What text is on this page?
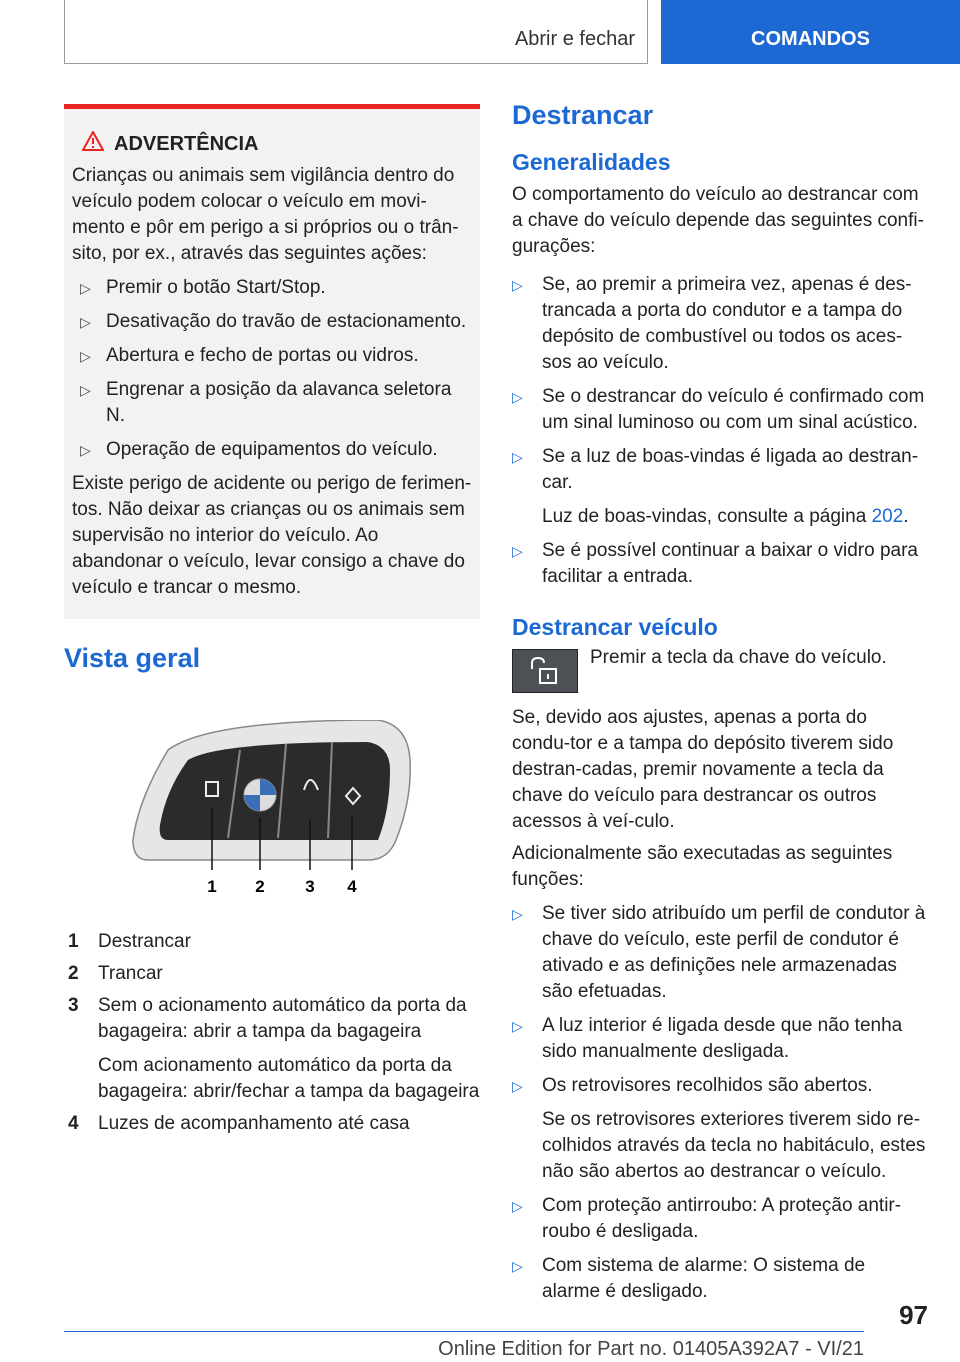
Abrir e fechar	COMANDOS
ADVERTÊNCIA

Crianças ou animais sem vigilância dentro do veículo podem colocar o veículo em movi-mento e pôr em perigo a si próprios ou o trân-sito, por ex., através das seguintes ações:

▷ Premir o botão Start/Stop.
▷ Desativação do travão de estacionamento.
▷ Abertura e fecho de portas ou vidros.
▷ Engrenar a posição da alavanca seletora N.
▷ Operação de equipamentos do veículo.

Existe perigo de acidente ou perigo de ferimen-tos. Não deixar as crianças ou os animais sem supervisão no interior do veículo. Ao abandonar o veículo, levar consigo a chave do veículo e trancar o mesmo.

Vista geral
1 2 3 4
1	Destrancar
2	Trancar
3	Sem o acionamento automático da porta da bagageira: abrir a tampa da bagageira
Com acionamento automático da porta da bagageira: abrir/fechar a tampa da bagageira
4	Luzes de acompanhamento até casa
Destrancar
Generalidades

O comportamento do veículo ao destrancar com a chave do veículo depende das seguintes confi-gurações:

▷ Se, ao premir a primeira vez, apenas é des-trancada a porta do condutor e a tampa do depósito de combustível ou todos os aces-sos ao veículo.
▷ Se o destrancar do veículo é confirmado com um sinal luminoso ou com um sinal acústico.
▷ Se a luz de boas-vindas é ligada ao destran-car.
Luz de boas-vindas, consulte a página 202.
▷ Se é possível continuar a baixar o vidro para facilitar a entrada.
Destrancar veículo
Premir a tecla da chave do veículo.

Se, devido aos ajustes, apenas a porta do condu-tor e a tampa do depósito tiverem sido destran-cadas, premir novamente a tecla da chave do veículo para destrancar os outros acessos à veí-culo.

Adicionalmente são executadas as seguintes funções:

▷ Se tiver sido atribuído um perfil de condutor à chave do veículo, este perfil de condutor é ativado e as definições nele armazenadas são efetuadas.
▷ A luz interior é ligada desde que não tenha sido manualmente desligada.
▷ Os retrovisores recolhidos são abertos.
Se os retrovisores exteriores tiverem sido re-colhidos através da tecla no habitáculo, estes não são abertos ao destrancar o veículo.
▷ Com proteção antirroubo: A proteção antir-roubo é desligada.
▷ Com sistema de alarme: O sistema de alarme é desligado.
97
Online Edition for Part no. 01405A392A7 - VI/21
